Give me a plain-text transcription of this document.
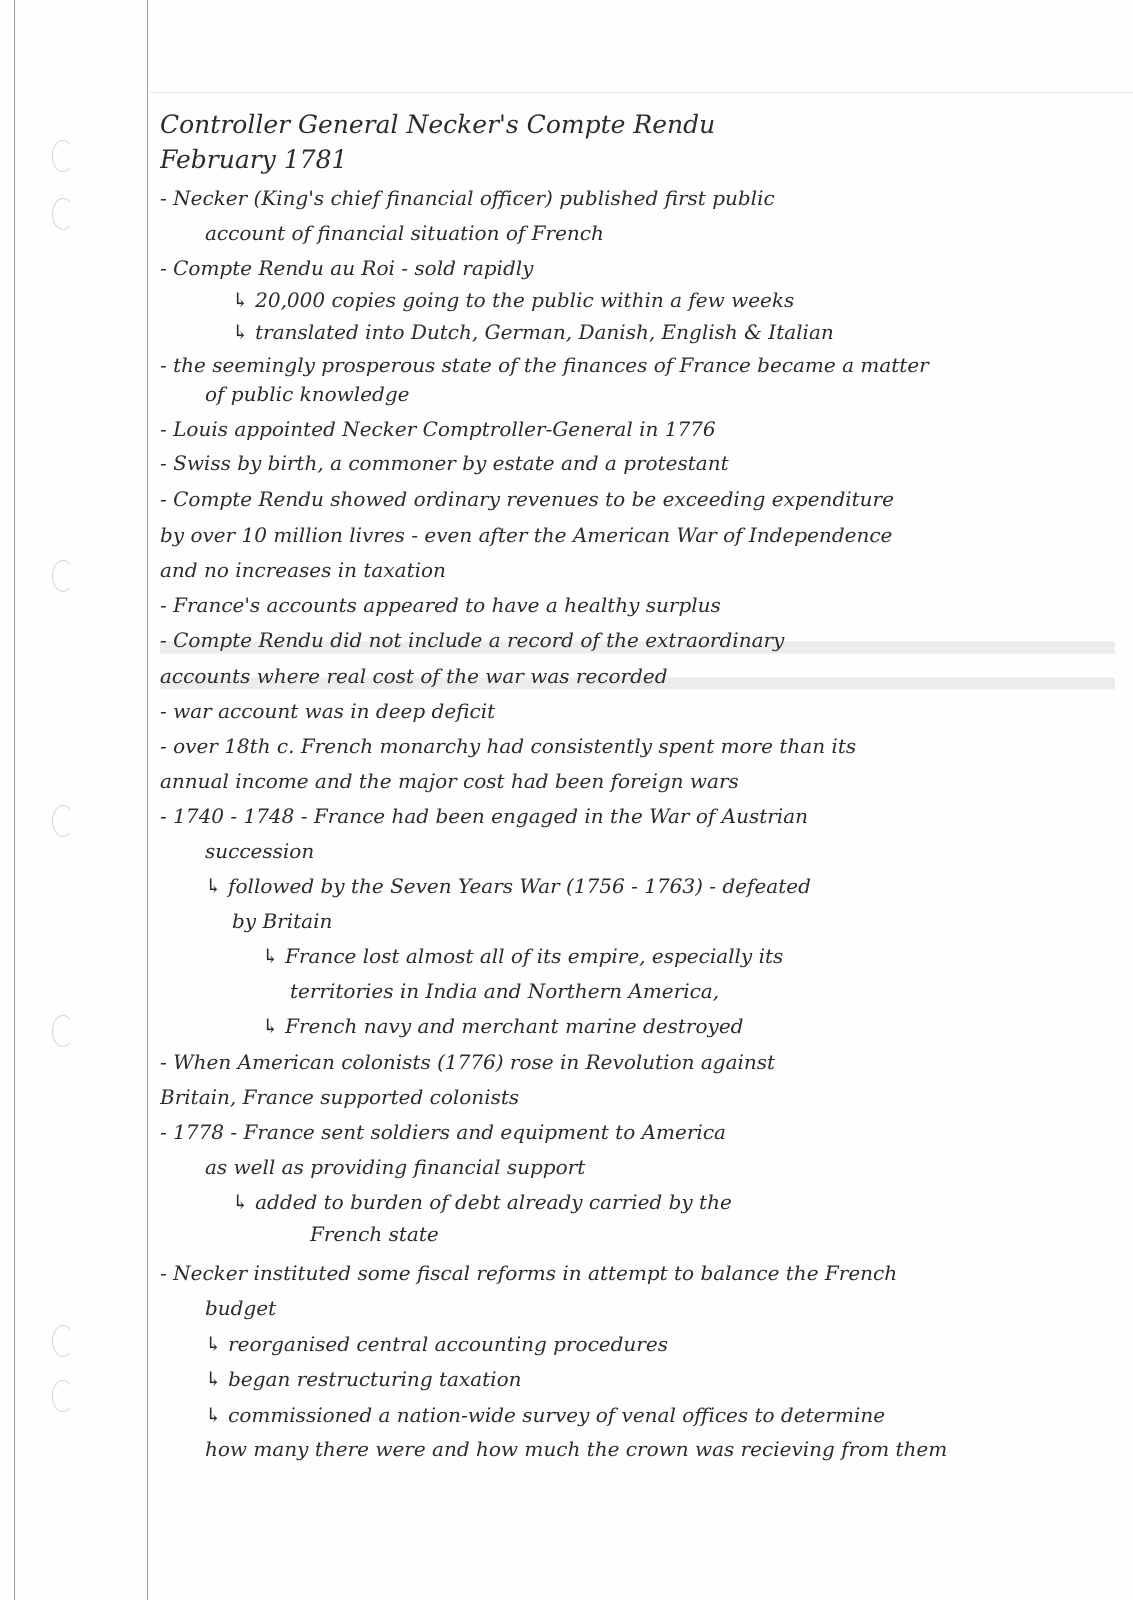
Controller General Necker's Compte Rendu
February 1781
- Necker (King's chief financial officer) published first public
account of financial situation of French
- Compte Rendu au Roi - sold rapidly
↳ 20,000 copies going to the public within a few weeks
↳ translated into Dutch, German, Danish, English & Italian
- the seemingly prosperous state of the finances of France became a matter
of public knowledge
- Louis appointed Necker Comptroller-General in 1776
- Swiss by birth, a commoner by estate and a protestant
- Compte Rendu showed ordinary revenues to be exceeding expenditure
by over 10 million livres - even after the American War of Independence
and no increases in taxation
- France's accounts appeared to have a healthy surplus
- Compte Rendu did not include a record of the extraordinary
accounts where real cost of the war was recorded
- war account was in deep deficit
- over 18th c. French monarchy had consistently spent more than its
annual income and the major cost had been foreign wars
- 1740 - 1748 - France had been engaged in the War of Austrian
succession
↳ followed by the Seven Years War (1756 - 1763) - defeated
by Britain
↳ France lost almost all of its empire, especially its
territories in India and Northern America,
↳ French navy and merchant marine destroyed
- When American colonists (1776) rose in Revolution against
Britain, France supported colonists
- 1778 - France sent soldiers and equipment to America
as well as providing financial support
↳ added to burden of debt already carried by the
French state
- Necker instituted some fiscal reforms in attempt to balance the French
budget
↳ reorganised central accounting procedures
↳ began restructuring taxation
↳ commissioned a nation-wide survey of venal offices to determine
how many there were and how much the crown was recieving from them
